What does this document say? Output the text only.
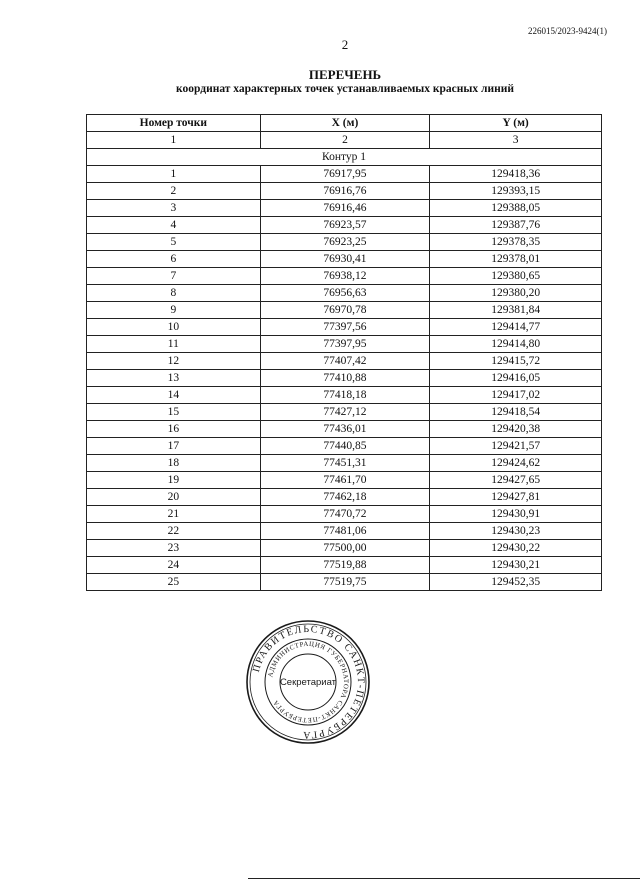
226015/2023-9424(1)
2
ПЕРЕЧЕНЬ
координат характерных точек устанавливаемых красных линий
Номер точки	X (м)	Y (м)
1	2	3
Контур 1		
1	76917,95	129418,36
2	76916,76	129393,15
3	76916,46	129388,05
4	76923,57	129387,76
5	76923,25	129378,35
6	76930,41	129378,01
7	76938,12	129380,65
8	76956,63	129380,20
9	76970,78	129381,84
10	77397,56	129414,77
11	77397,95	129414,80
12	77407,42	129415,72
13	77410,88	129416,05
14	77418,18	129417,02
15	77427,12	129418,54
16	77436,01	129420,38
17	77440,85	129421,57
18	77451,31	129424,62
19	77461,70	129427,65
20	77462,18	129427,81
21	77470,72	129430,91
22	77481,06	129430,23
23	77500,00	129430,22
24	77519,88	129430,21
25	77519,75	129452,35
ПРАВИТЕЛЬСТВО САНКТ-ПЕТЕРБУРГА
АДМИНИСТРАЦИЯ ГУБЕРНАТОРА САНКТ-ПЕТЕРБУРГА
Секретариат
